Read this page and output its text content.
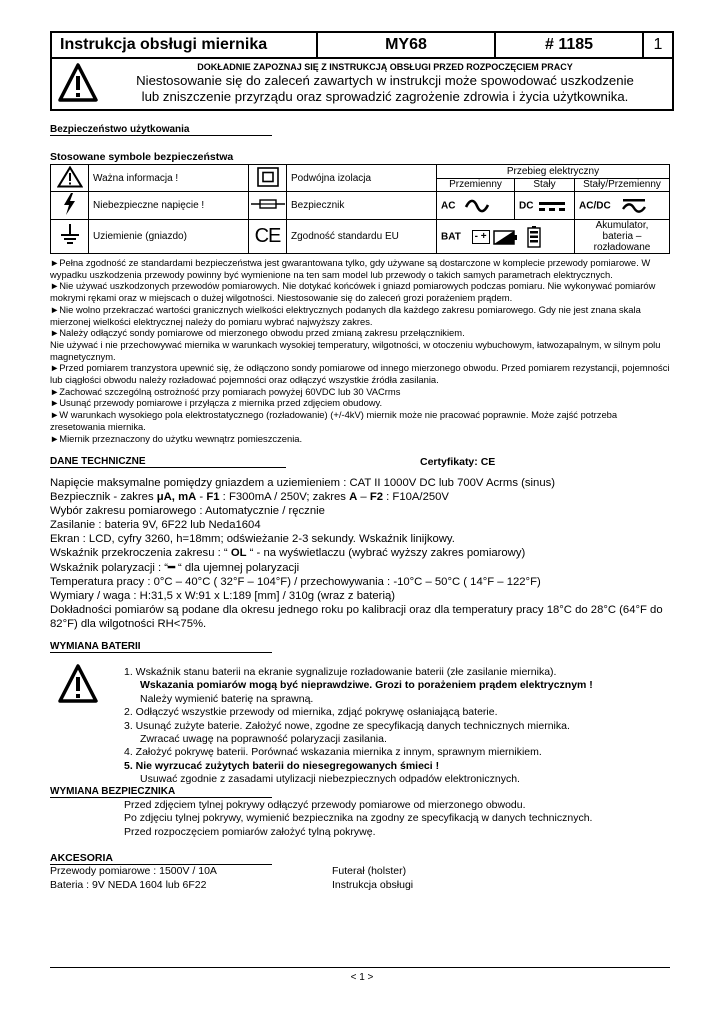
Instrukcja obsługi miernika	MY68	# 1185	1
DOKŁADNIE ZAPOZNAJ SIĘ Z INSTRUKCJĄ OBSŁUGI PRZED ROZPOCZĘCIEM PRACY
Niestosowanie się do zaleceń zawartych w instrukcji może spowodować uszkodzenie
lub zniszczenie przyrządu oraz sprowadzić zagrożenie zdrowia i życia użytkownika.
Bezpieczeństwo użytkowania
Stosowane symbole bezpieczeństwa
	Ważna informacja !		Podwójna izolacja	Przebieg elektryczny		
				Przemienny	Stały	Stały/Przemienny
	Niebezpieczne napięcie !		Bezpiecznik	AC	DC	AC/DC
	Uziemienie (gniazdo)	CE	Zgodność standardu EU	BAT - +		Akumulator, bateria – rozładowane

►Pełna zgodność ze standardami bezpieczeństwa jest gwarantowana tylko, gdy używane są dostarczone w komplecie przewody pomiarowe. W wypadku uszkodzenia przewody powinny być wymienione na ten sam model lub przewody o takich samych parametrach elektrycznych.

►Nie używać uszkodzonych przewodów pomiarowych. Nie dotykać końcówek i gniazd pomiarowych podczas pomiaru. Nie wykonywać pomiarów mokrymi rękami oraz w miejscach o dużej wilgotności. Niestosowanie się do zaleceń grozi porażeniem prądem.

►Nie wolno przekraczać wartości granicznych wielkości elektrycznych podanych dla każdego zakresu pomiarowego. Gdy nie jest znana skala mierzonej wielkości elektrycznej należy do pomiaru wybrać najwyższy zakres.

►Należy odłączyć sondy pomiarowe od mierzonego obwodu przed zmianą zakresu przełącznikiem.

Nie używać i nie przechowywać miernika w warunkach wysokiej temperatury, wilgotności, w otoczeniu wybuchowym, łatwozapalnym, w silnym polu magnetycznym.

►Przed pomiarem tranzystora upewnić się, że odłączono sondy pomiarowe od innego mierzonego obwodu. Przed pomiarem rezystancji, pojemności lub ciągłości obwodu należy rozładować pojemności oraz odłączyć wszystkie źródła zasilania.

►Zachować szczególną ostrożność przy pomiarach powyżej 60VDC lub 30 VACrms

►Usunąć przewody pomiarowe i przyłącza z miernika przed zdjęciem obudowy.

►W warunkach wysokiego pola elektrostatycznego (rozładowanie) (+/-4kV) miernik może nie pracować poprawnie. Może zajść potrzeba zresetowania miernika.

►Miernik przeznaczony do użytku wewnątrz pomieszczenia.

DANE TECHNICZNE	Certyfikaty: CE

Napięcie maksymalne pomiędzy gniazdem a uziemieniem : CAT II 1000V DC lub 700V Acrms (sinus)

Bezpiecznik - zakres μA, mA - F1 : F300mA / 250V; zakres A – F2 : F10A/250V

Wybór zakresu pomiarowego : Automatycznie / ręcznie

Zasilanie : bateria 9V, 6F22 lub Neda1604

Ekran : LCD, cyfry 3260, h=18mm; odświeżanie 2-3 sekundy. Wskaźnik linijkowy.

Wskaźnik przekroczenia zakresu : “ OL “ - na wyświetlaczu (wybrać wyższy zakres pomiarowy)

Wskaźnik polaryzacji : “━ “ dla ujemnej polaryzacji

Temperatura pracy : 0°C – 40°C ( 32°F – 104°F) / przechowywania : -10°C – 50°C ( 14°F – 122°F)

Wymiary / waga : H:31,5 x W:91 x L:189 [mm] / 310g (wraz z baterią)

Dokładności pomiarów są podane dla okresu jednego roku po kalibracji oraz dla temperatury pracy 18°C do 28°C (64°F do 82°F) dla wilgotności RH<75%.

WYMIANA BATERII
1. Wskaźnik stanu baterii na ekranie sygnalizuje rozładowanie baterii (złe zasilanie miernika).
Wskazania pomiarów mogą być nieprawdziwe. Grozi to porażeniem prądem elektrycznym !
Należy wymienić baterię na sprawną.
2. Odłączyć wszystkie przewody od miernika, zdjąć pokrywę osłaniającą baterie.
3. Usunąć zużyte baterie. Założyć nowe, zgodne ze specyfikacją danych technicznych miernika.
Zwracać uwagę na poprawność polaryzacji zasilania.
4. Założyć pokrywę baterii. Porównać wskazania miernika z innym, sprawnym miernikiem.
5. Nie wyrzucać zużytych baterii do niesegregowanych śmieci !
Usuwać zgodnie z zasadami utylizacji niebezpiecznych odpadów elektronicznych.
WYMIANA BEZPIECZNIKA
Przed zdjęciem tylnej pokrywy odłączyć przewody pomiarowe od mierzonego obwodu.
Po zdjęciu tylnej pokrywy, wymienić bezpiecznika na zgodny ze specyfikacją w danych technicznych.
Przed rozpoczęciem pomiarów założyć tylną pokrywę.
AKCESORIA
Przewody pomiarowe : 1500V / 10A
Bateria : 9V NEDA 1604 lub 6F22
Futerał (holster)
Instrukcja obsługi
< 1 >
